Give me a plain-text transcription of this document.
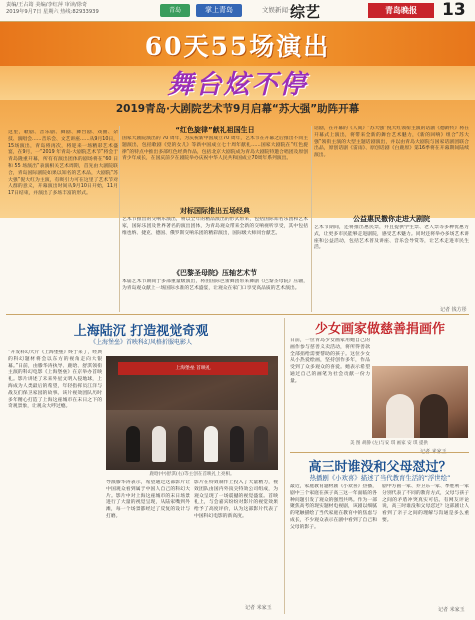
责编/王占筠 美编/李红萍 审读/徐奇
2019年9月7日 星期六 热线:82933939	青岛	掌上青岛	文娱新闻· 综艺	青岛晚报	13
60天55场演出
舞台炫不停
2019青岛·大剧院艺术节9月启幕“苏大强”助阵开幕
这里，歌剧、音乐剧、舞剧、舞台剧、戏曲、杂技、演唱会……音乐会、文艺讲座……从9月10日，15场演出，青岛将再次，将迎来一场精彩艺术盛宴，在9月，一“2019 年青岛·大剧院艺术节”将会于青岛隆重开幕，所有有演出团体的剧场将在“60 日和 55 场演出”表演相关艺术周期，首先由大剧院联合，青岛国际剧院如果以知名的艺术品，大剧院“苏大强”倪大红为主演，有吸引力可在这里了艺术节对人群的意义，开幕演出时间从9月10日开始，11月17日结束，并演出了多场丰富的形式。
“红色旋律”献礼祖国生日
国家大剧院演出的 70 周年，为庆祝新中国成立70 周年，艺术节在开幕之后推出不同主题演出，包括歌剧《党的女儿》等新中国成立七十周年献礼……国家大剧院在“红色旋律”的特点中推出多部红色经典作品，包括北京大剧院成为青岛大剧院特邀合唱团及原创青少年成长，在国庆前夕在剧院举办庆祝中华人民共和国成立70周年系列演出。
话剧，在开幕的《人间》“苏大强”倪大红领衔主演的话剧《德龄传》将在开幕式上演出，将带来全新的舞台艺术魅力，《新的回响》组合“苏大强”领衔主演的大型主题话剧演出，并以由青岛大剧院与国家话剧团联合出品，原创话剧《雷雨》、原创话剧《白鹿原》第16季将在开幕期间陆续演出。
对标国际推出五场经典
艺术节推出的交响乐演出，将以全年的精品演出的形式带来，包括国际知名乐团和艺术家，国际乐团及世界著名的演出团体，为青岛观众带来全新的交响视听享受，其中包括维也纳、捷克、德国、俄罗斯交响乐团的精彩演出，国际级大师同台献艺。
《巴黎圣母院》压轴艺术节
本届艺术节期间于多部重量级演出，将由国际芭蕾舞团带来舞剧《巴黎圣母院》压轴，为青岛观众献上一场国际水准的艺术盛宴，让观众在家门口享受高品质的艺术演出。
公益惠民撒你走进大剧院
艺术节期间，还将推出惠民票，并且提供学生票、老人票等多种优惠方式，让更多市民能够走进剧院，感受艺术魅力。同时还将举办多场艺术讲座和公益活动，包括艺术普及讲座、音乐会导赏等，让艺术走进市民生活。
记者 钱方彤
上海陆沉 打造视觉奇观
《上海堡垒》首映科幻风格折服电影人
“开发科幻大片《上海堡垒》终于来了，经典的科幻题材将会以东方的视角走向大银幕。”日前，由滕华涛执导、鹿晗、舒淇领衔主演的科幻电影《上海堡垒》在京举办首映礼。影片讲述了未来外星文明入侵地球，上海成为人类最后的希望，年轻指挥员江洋与战友们保卫家园的故事。该片视效团队历时多年精心打造了上海这座城市在末日之下的奇观景象，让观众大呼过瘾。
上海堡垒 首映礼
鹿晗(中)舒淇(右)等主创在首映礼上亮相。
导演滕华涛表示，希望通过这部影片让中国观众看到属于中国人自己的科幻大片。影片中对上海这座城市的末日场景进行了大量的视觉呈现，从陆家嘴到外滩，每一个场景都经过了反复的设计与打磨。
影片在特效制作上投入了大量精力，视效团队由国内外顶尖特效公司组成，为观众呈现了一场震撼的视觉盛宴。首映礼上，与会嘉宾纷纷对影片的视觉效果给予了高度评价，认为这部影片代表了中国科幻电影的新高度。
记者 米家玉
少女画家做慈善捐画作
日前，一位青岛少女画家用她自己的画作参与慈善义卖活动，将所得善款全部捐给需要帮助的孩子。这位少女从小热爱绘画，坚持创作多年，作品受到了众多观众的喜爱。她表示希望通过自己的画笔为社会贡献一份力量。
美 图 胡静 (左)与安 琪 画家 安 琪 提供
高三时谁没和父母怼过？
热播剧《小欢喜》描述了当代教育生活的“浮世绘”
最近，家庭教育题材剧《小欢喜》热播，剧中三个家庭在孩子高三这一年面临的各种问题引发了观众的强烈共鸣。作为一部聚焦高考的现实题材电视剧，该剧以细腻的笔触描绘了当代家庭在教育中的焦虑与成长，不少观众表示在剧中看到了自己和父母的影子。
剧中方圆一家、乔卫东一家、季胜利一家分别代表了不同的教育方式，父母与孩子之间的矛盾冲突真实可信。有网友评论说，高三时谁没和父母怼过？这部剧让人看到了亲子之间的理解与沟通是多么重要。
记者 米家玉
